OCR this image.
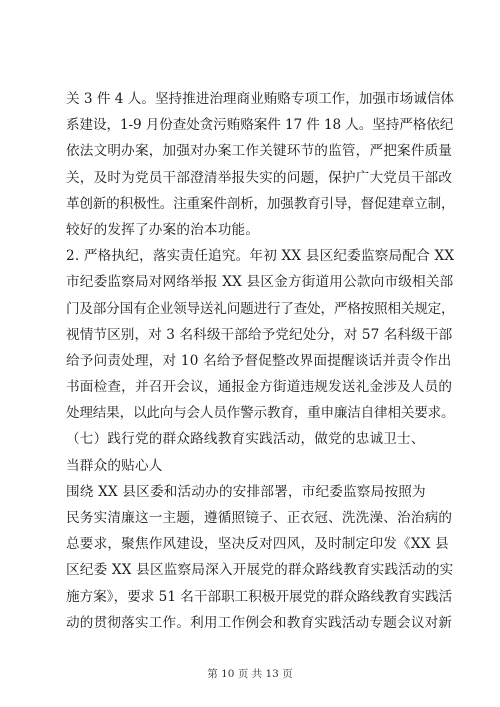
关 3 件 4 人。坚持推进治理商业贿赂专项工作，加强市场诚信体
系建设，1-9 月份查处贪污贿赂案件 17 件 18 人。坚持严格依纪
依法文明办案，加强对办案工作关键环节的监管，严把案件质量
关，及时为党员干部澄清举报失实的问题，保护广大党员干部改
革创新的积极性。注重案件剖析，加强教育引导，督促建章立制，
较好的发挥了办案的治本功能。
2. 严格执纪，落实责任追究。年初 XX 县区纪委监察局配合 XX
市纪委监察局对网络举报 XX 县区金方街道用公款向市级相关部
门及部分国有企业领导送礼问题进行了查处，严格按照相关规定，
视情节区别，对 3 名科级干部给予党纪处分，对 57 名科级干部
给予问责处理，对 10 名给予督促整改界面提醒谈话并责令作出
书面检查，并召开会议，通报金方街道违规发送礼金涉及人员的
处理结果，以此向与会人员作警示教育，重申廉洁自律相关要求。
（七）践行党的群众路线教育实践活动，做党的忠诚卫士、
当群众的贴心人
围绕 XX 县区委和活动办的安排部署，市纪委监察局按照为
民务实清廉这一主题，遵循照镜子、正衣冠、洗洗澡、治治病的
总要求，聚焦作风建设，坚决反对四风，及时制定印发《XX 县
区纪委 XX 县区监察局深入开展党的群众路线教育实践活动的实
施方案》，要求 51 名干部职工积极开展党的群众路线教育实践活
动的贯彻落实工作。利用工作例会和教育实践活动专题会议对新
第 10 页 共 13 页
